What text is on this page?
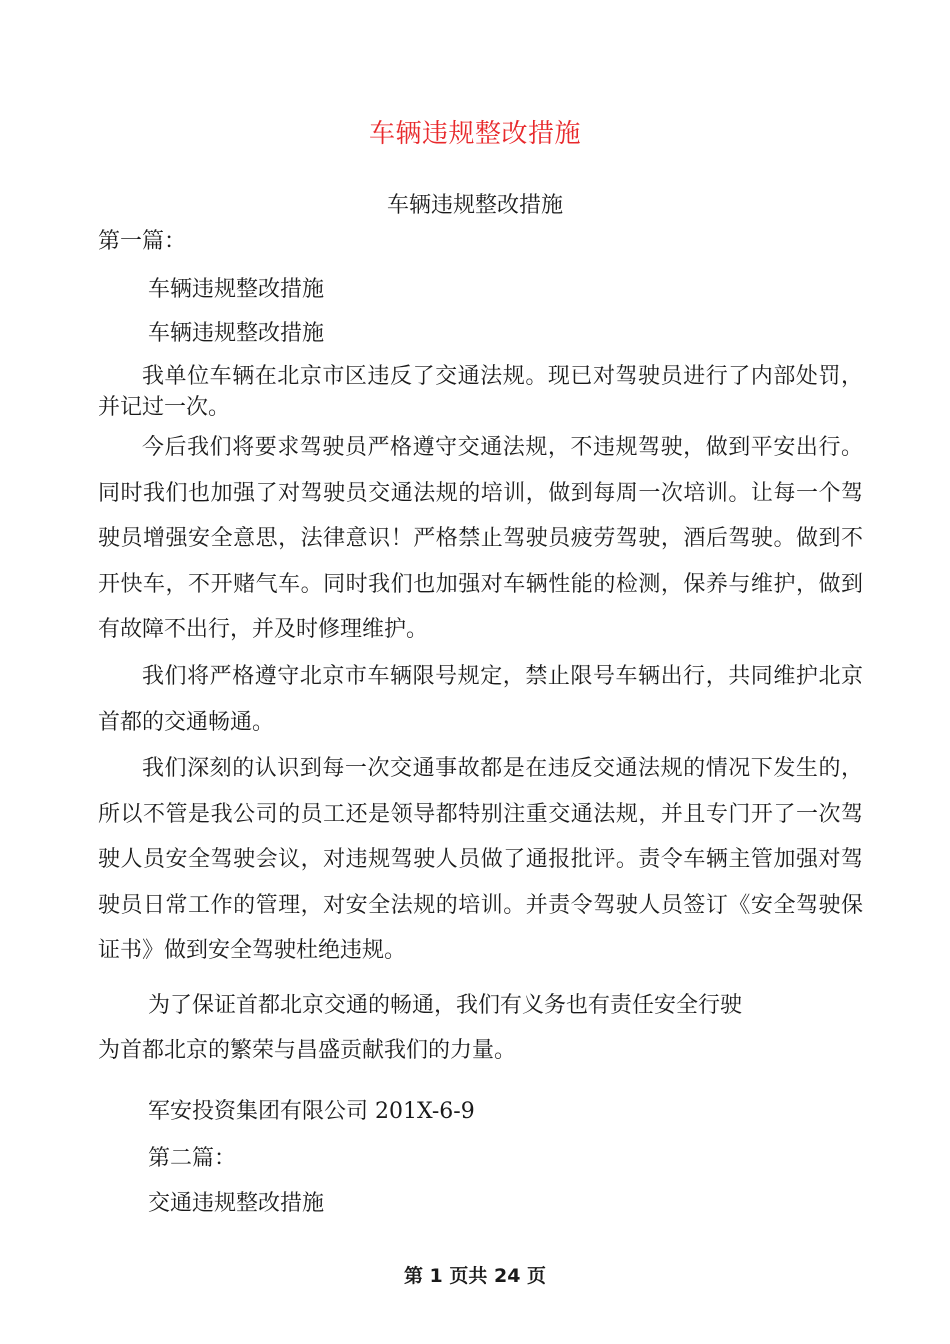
车辆违规整改措施
车辆违规整改措施
第一篇：
车辆违规整改措施
车辆违规整改措施

我单位车辆在北京市区违反了交通法规。现已对驾驶员进行了内部处罚，并记过一次。

今后我们将要求驾驶员严格遵守交通法规，不违规驾驶，做到平安出行。同时我们也加强了对驾驶员交通法规的培训，做到每周一次培训。让每一个驾驶员增强安全意思，法律意识！严格禁止驾驶员疲劳驾驶，酒后驾驶。做到不开快车，不开赌气车。同时我们也加强对车辆性能的检测，保养与维护，做到有故障不出行，并及时修理维护。

我们将严格遵守北京市车辆限号规定，禁止限号车辆出行，共同维护北京首都的交通畅通。

我们深刻的认识到每一次交通事故都是在违反交通法规的情况下发生的，所以不管是我公司的员工还是领导都特别注重交通法规，并且专门开了一次驾驶人员安全驾驶会议，对违规驾驶人员做了通报批评。责令车辆主管加强对驾驶员日常工作的管理，对安全法规的培训。并责令驾驶人员签订《安全驾驶保证书》做到安全驾驶杜绝违规。

为了保证首都北京交通的畅通，我们有义务也有责任安全行驶
为首都北京的繁荣与昌盛贡献我们的力量。
军安投资集团有限公司 201X-6-9
第二篇：
交通违规整改措施
第 1 页共 24 页
